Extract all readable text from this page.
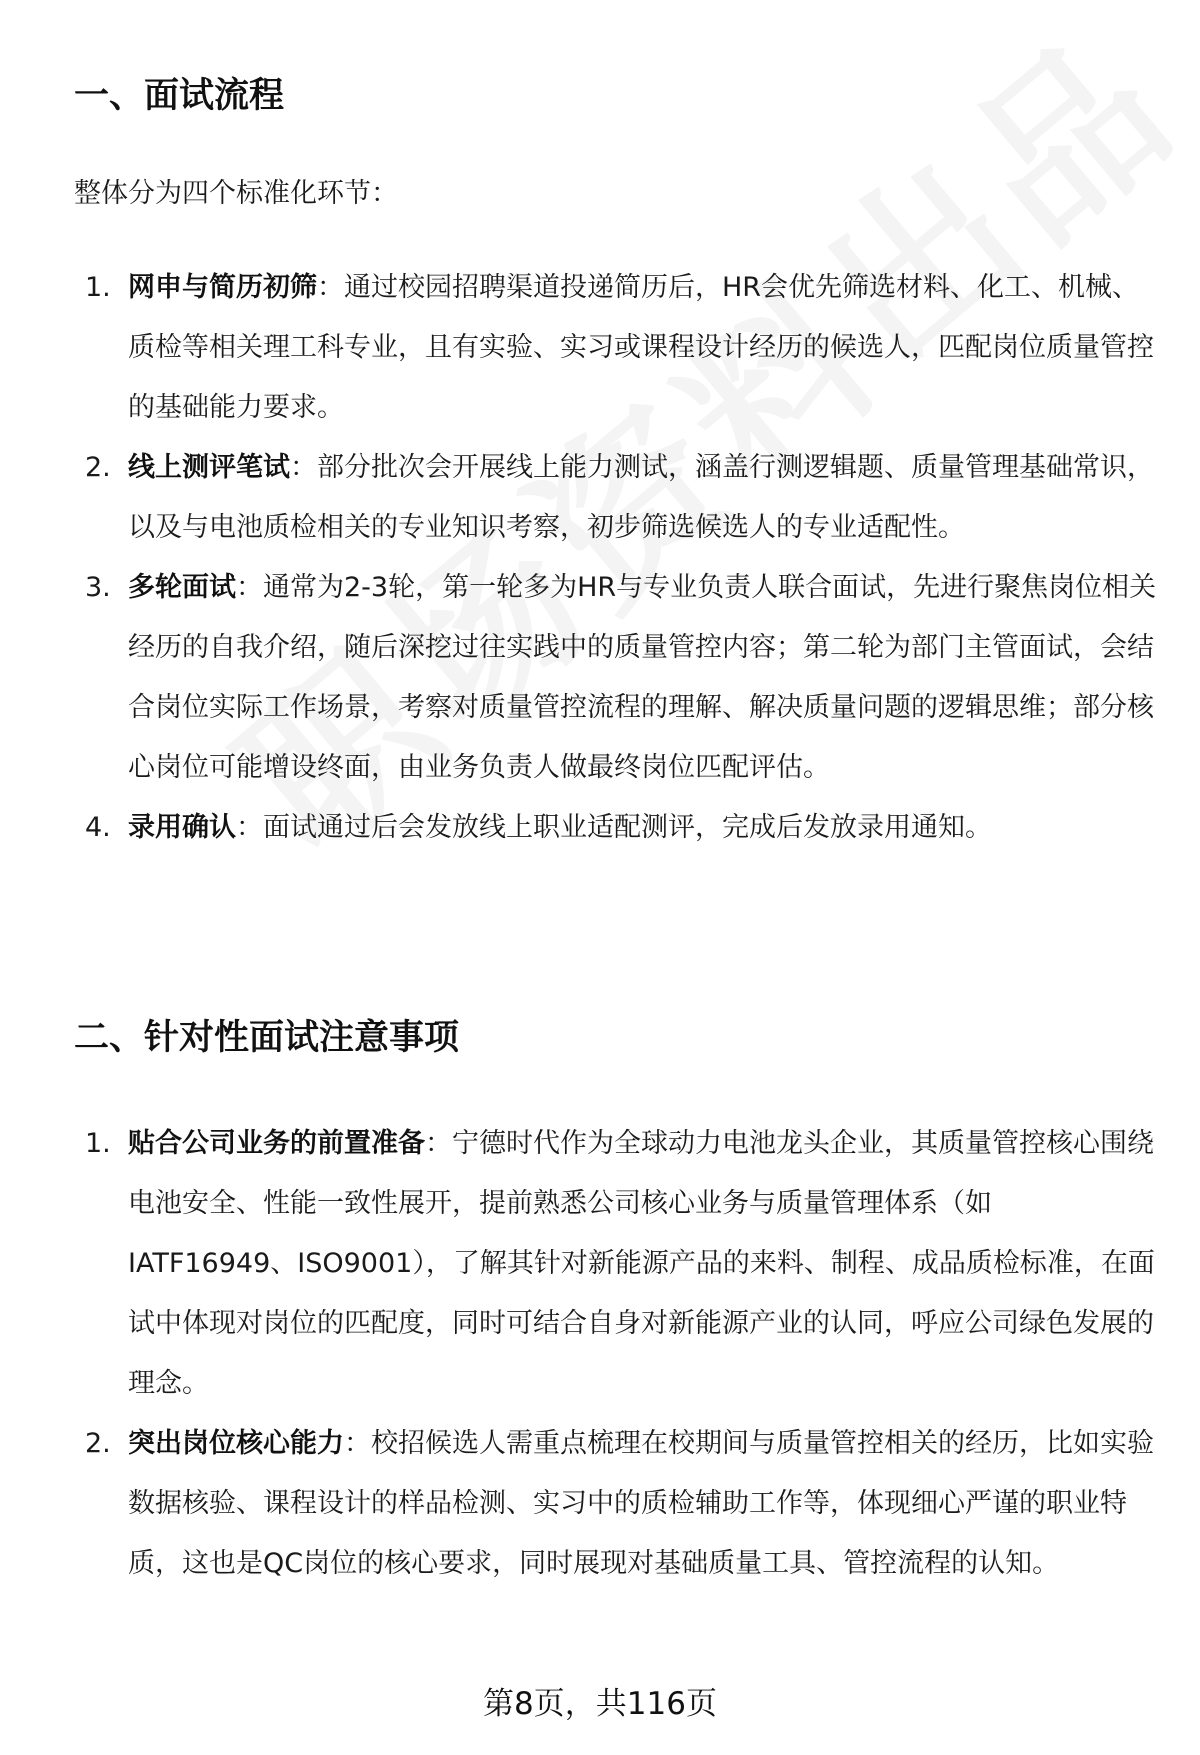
一、面试流程

整体分为四个标准化环节：

1. 网申与简历初筛：通过校园招聘渠道投递简历后，HR会优先筛选材料、化工、机械、质检等相关理工科专业，且有实验、实习或课程设计经历的候选人，匹配岗位质量管控的基础能力要求。
2. 线上测评笔试：部分批次会开展线上能力测试，涵盖行测逻辑题、质量管理基础常识，以及与电池质检相关的专业知识考察，初步筛选候选人的专业适配性。
3. 多轮面试：通常为2-3轮，第一轮多为HR与专业负责人联合面试，先进行聚焦岗位相关经历的自我介绍，随后深挖过往实践中的质量管控内容；第二轮为部门主管面试，会结合岗位实际工作场景，考察对质量管控流程的理解、解决质量问题的逻辑思维；部分核心岗位可能增设终面，由业务负责人做最终岗位匹配评估。
4. 录用确认：面试通过后会发放线上职业适配测评，完成后发放录用通知。
二、针对性面试注意事项
1. 贴合公司业务的前置准备：宁德时代作为全球动力电池龙头企业，其质量管控核心围绕电池安全、性能一致性展开，提前熟悉公司核心业务与质量管理体系（如IATF16949、ISO9001），了解其针对新能源产品的来料、制程、成品质检标准，在面试中体现对岗位的匹配度，同时可结合自身对新能源产业的认同，呼应公司绿色发展的理念。
2. 突出岗位核心能力：校招候选人需重点梳理在校期间与质量管控相关的经历，比如实验数据核验、课程设计的样品检测、实习中的质检辅助工作等，体现细心严谨的职业特质，这也是QC岗位的核心要求，同时展现对基础质量工具、管控流程的认知。
第8页，共116页
